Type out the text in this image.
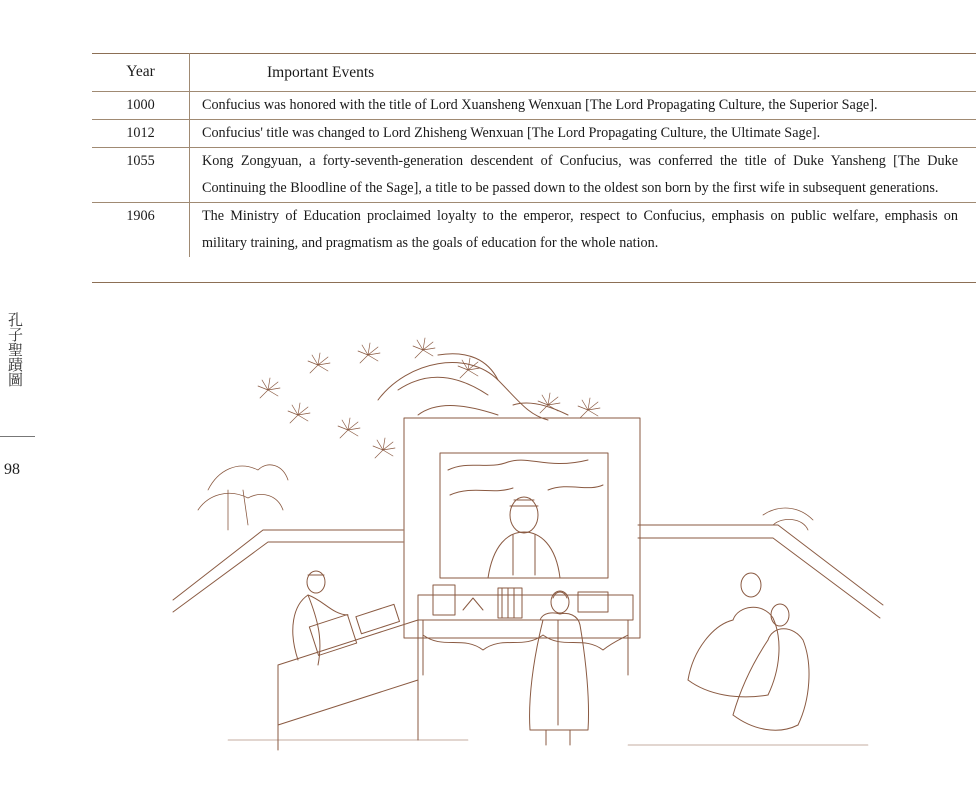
Year	Important Events
1000	Confucius was honored with the title of Lord Xuansheng Wenxuan [The Lord Propagating Culture, the Superior Sage].
1012	Confucius' title was changed to Lord Zhisheng Wenxuan [The Lord Propagating Culture, the Ultimate Sage].
1055	Kong Zongyuan, a forty-seventh-generation descendent of Confucius, was conferred the title of Duke Yansheng [The Duke Continuing the Bloodline of the Sage], a title to be passed down to the oldest son born by the first wife in subsequent generations.
1906	The Ministry of Education proclaimed loyalty to the emperor, respect to Confucius, emphasis on public welfare, emphasis on military training, and pragmatism as the goals of education for the whole nation.
孔子聖蹟圖
98
